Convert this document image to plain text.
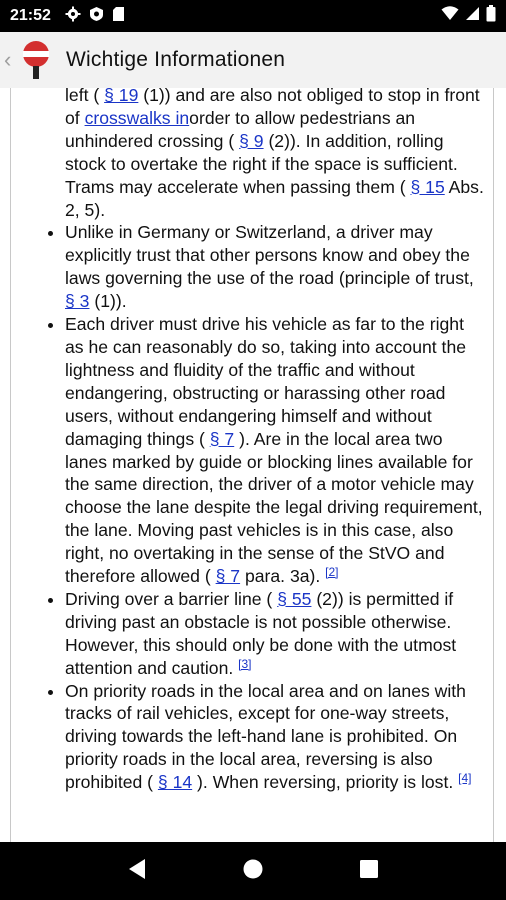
21:52
‹	Wichtige Informationen

left ( § 19 (1)) and are also not obliged to stop in front of crosswalks inorder to allow pedestrians an unhindered crossing ( § 9 (2)). In addition, rolling stock to overtake the right if the space is sufficient. Trams may accelerate when passing them ( § 15 Abs. 2, 5).

• Unlike in Germany or Switzerland, a driver may explicitly trust that other persons know and obey the laws governing the use of the road (principle of trust, § 3 (1)).
• Each driver must drive his vehicle as far to the right as he can reasonably do so, taking into account the lightness and fluidity of the traffic and without endangering, obstructing or harassing other road users, without endangering himself and without damaging things ( § 7 ). Are in the local area two lanes marked by guide or blocking lines available for the same direction, the driver of a motor vehicle may choose the lane despite the legal driving requirement, the lane. Moving past vehicles is in this case, also right, no overtaking in the sense of the StVO and therefore allowed ( § 7 para. 3a). [2]
• Driving over a barrier line ( § 55 (2)) is permitted if driving past an obstacle is not possible otherwise. However, this should only be done with the utmost attention and caution. [3]
• On priority roads in the local area and on lanes with tracks of rail vehicles, except for one-way streets, driving towards the left-hand lane is prohibited. On priority roads in the local area, reversing is also prohibited ( § 14 ). When reversing, priority is lost. [4]
